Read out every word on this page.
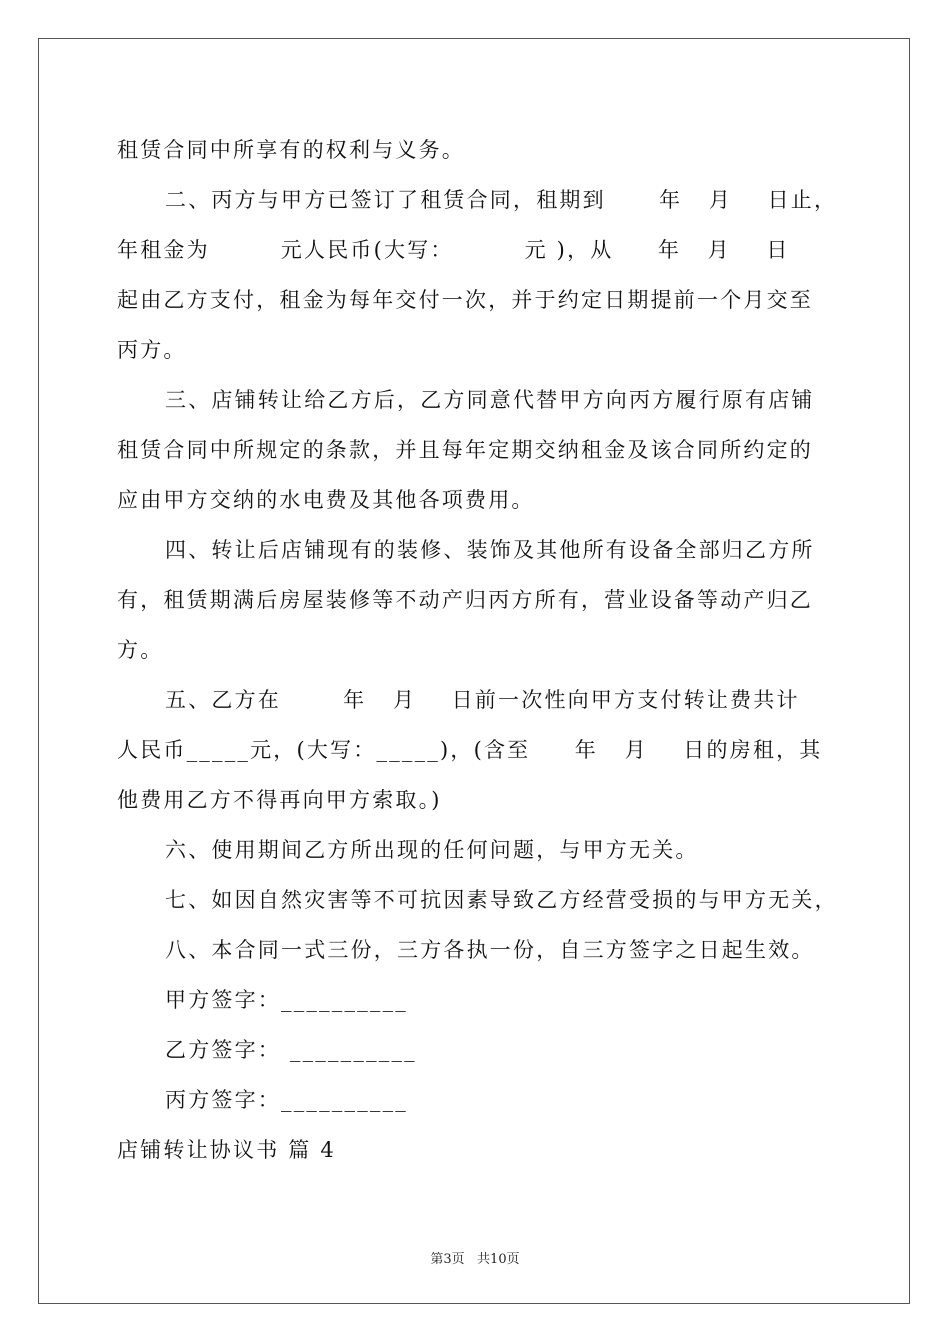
租赁合同中所享有的权利与义务。
二、丙方与甲方已签订了租赁合同，租期到      年   月    日止，
年租金为        元人民币(大写：        元 )，从     年   月    日
起由乙方支付，租金为每年交付一次，并于约定日期提前一个月交至
丙方。
三、店铺转让给乙方后，乙方同意代替甲方向丙方履行原有店铺
租赁合同中所规定的条款，并且每年定期交纳租金及该合同所约定的
应由甲方交纳的水电费及其他各项费用。
四、转让后店铺现有的装修、装饰及其他所有设备全部归乙方所
有，租赁期满后房屋装修等不动产归丙方所有，营业设备等动产归乙
方。
五、乙方在       年   月    日前一次性向甲方支付转让费共计
人民币_____元，(大写：_____)，(含至     年   月    日的房租，其
他费用乙方不得再向甲方索取。)
六、使用期间乙方所出现的任何问题，与甲方无关。
七、如因自然灾害等不可抗因素导致乙方经营受损的与甲方无关，
八、本合同一式三份，三方各执一份，自三方签字之日起生效。
甲方签字：__________
乙方签字： __________
丙方签字：__________
店铺转让协议书 篇 4
第3页   共10页
